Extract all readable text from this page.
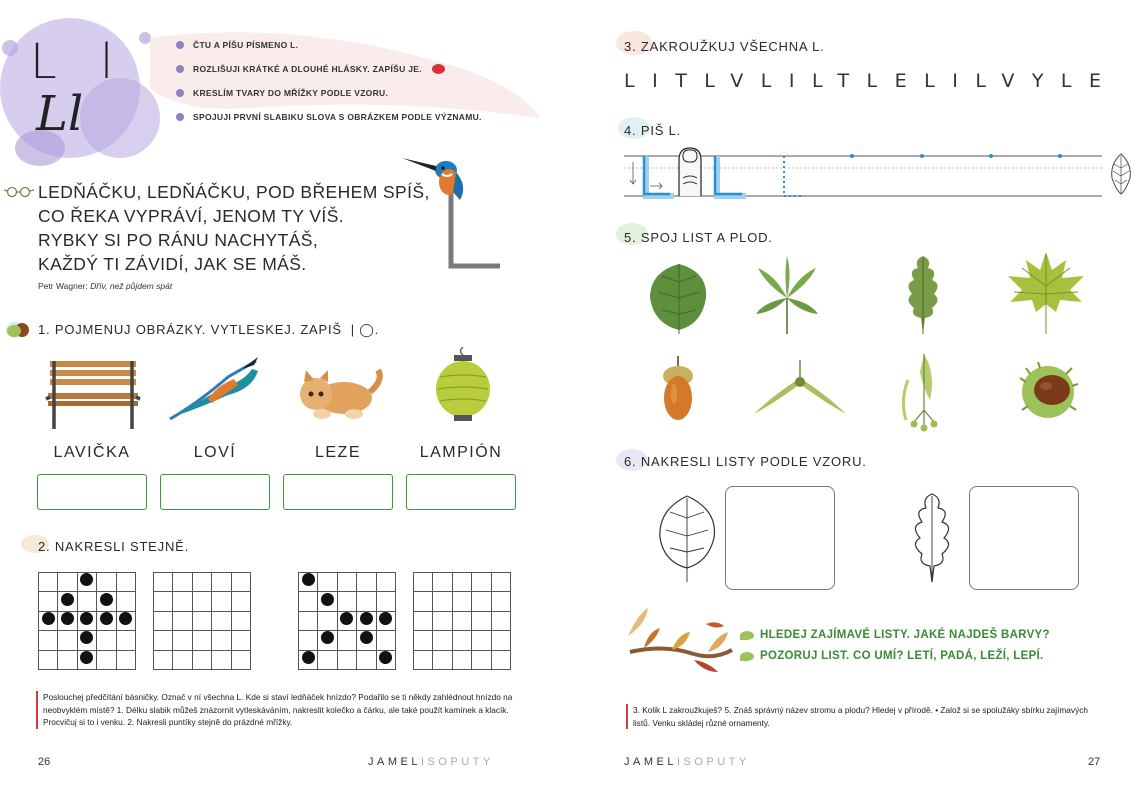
L l
Ll
ČTU A PÍŠU PÍSMENO L.
ROZLIŠUJI KRÁTKÉ A DLOUHÉ HLÁSKY. ZAPÍŠU JE.
KRESLÍM TVARY DO MŘÍŽKY PODLE VZORU.
SPOJUJI PRVNÍ SLABIKU SLOVA S OBRÁZKEM PODLE VÝZNAMU.
LEDŇÁČKU, LEDŇÁČKU, POD BŘEHEM SPÍŠ,
CO ŘEKA VYPRÁVÍ, JENOM TY VÍŠ.
RYBKY SI PO RÁNU NACHYTÁŠ,
KAŽDÝ TI ZÁVIDÍ, JAK SE MÁŠ.
Petr Wagner: Dřív, než půjdem spát
1. POJMENUJ OBRÁZKY. VYTLESKEJ. ZAPIŠ | ◯.
LAVIČKA	LOVÍ	LEZE	LAMPIÓN
2. NAKRESLI STEJNĚ.

Poslouchej předčítání básničky. Označ v ní všechna L. Kde si staví ledňáček hnízdo? Podařilo se ti někdy zahlédnout hnízdo na neobvyklém místě? 1. Délku slabik můžeš znázornit vytleskáváním, nakreslit kolečko a čárku, ale také použít kamínek a klacík. Procvičuj si to i venku. 2. Nakresli puntíky stejně do prázdné mřížky.
26	JAMELISOPUTY
3. ZAKROUŽKUJ VŠECHNA L.
LITLVLILTLELILVYLE
4. PIŠ L.
5. SPOJ LIST A PLOD.
6. NAKRESLI LISTY PODLE VZORU.
HLEDEJ ZAJÍMAVÉ LISTY. JAKÉ NAJDEŠ BARVY?
POZORUJ LIST. CO UMÍ? LETÍ, PADÁ, LEŽÍ, LEPÍ.
3. Kolik L zakroužkuješ? 5. Znáš správný název stromu a plodu? Hledej v přírodě. • Založ si se spolužáky sbírku zajímavých listů. Venku skládej různé ornamenty.
JAMELISOPUTY	27
